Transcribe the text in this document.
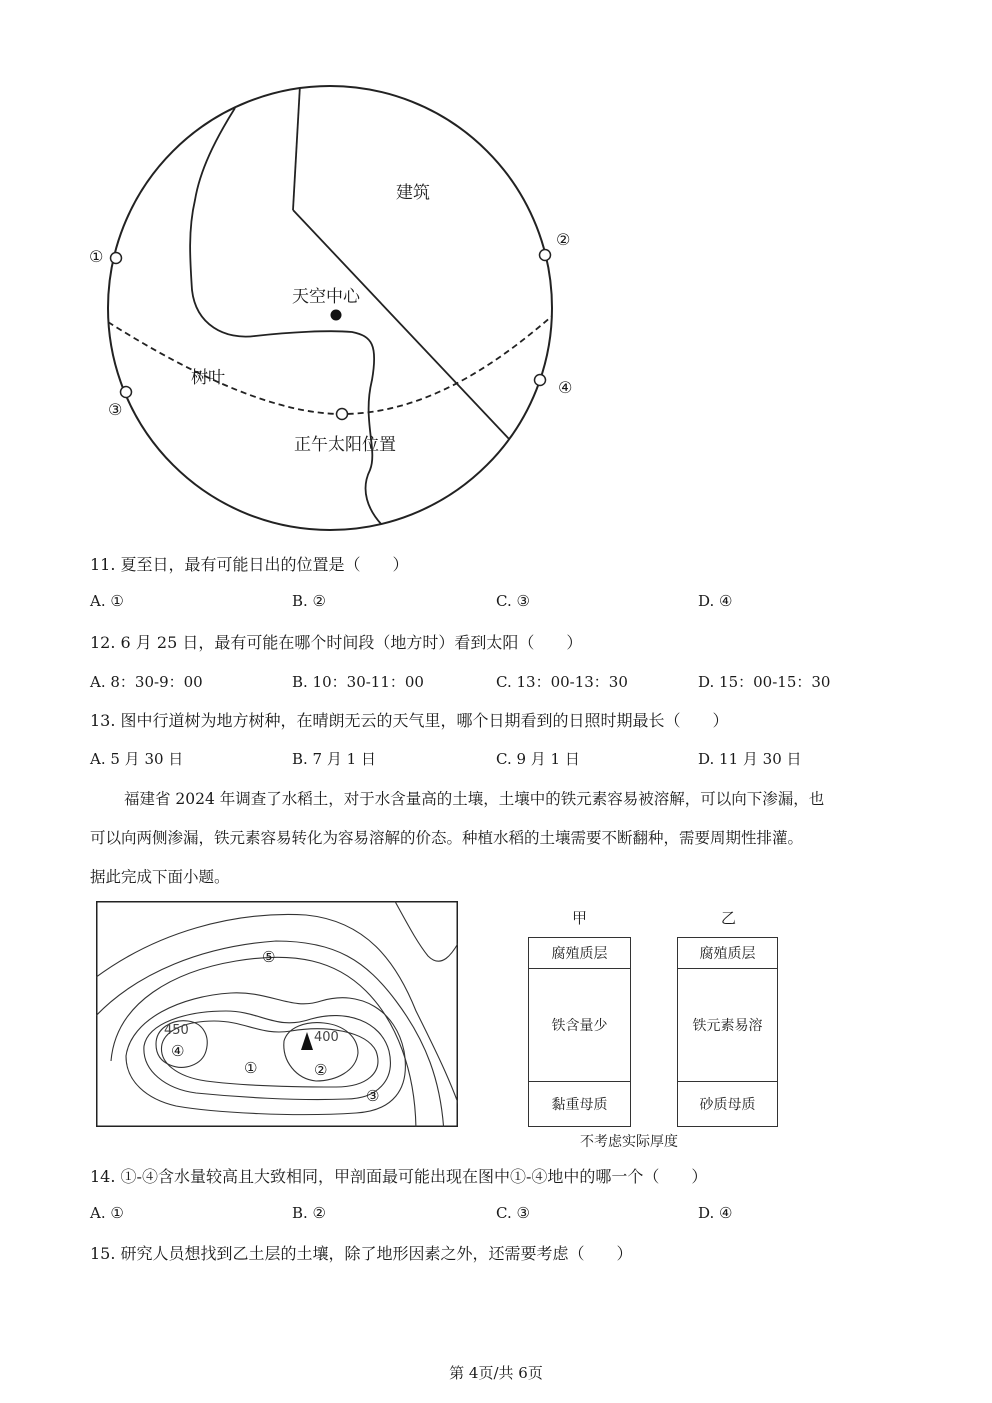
建筑
天空中心
树叶
正午太阳位置
①
②
③
④
11. 夏至日，最有可能日出的位置是（　　）
A. ①	B. ②	C. ③	D. ④
12. 6 月 25 日，最有可能在哪个时间段（地方时）看到太阳（　　）
A. 8：30-9：00	B. 10：30-11：00	C. 13：00-13：30	D. 15：00-15：30
13. 图中行道树为地方树种，在晴朗无云的天气里，哪个日期看到的日照时期最长（　　）
A. 5 月 30 日	B. 7 月 1 日	C. 9 月 1 日	D. 11 月 30 日
福建省 2024 年调查了水稻土，对于水含量高的土壤，土壤中的铁元素容易被溶解，可以向下渗漏，也
可以向两侧渗漏，铁元素容易转化为容易溶解的价态。种植水稻的土壤需要不断翻种，需要周期性排灌。
据此完成下面小题。
⑤
④
①	②
③
450	400
甲
腐殖质层
铁含量少
黏重母质
乙
腐殖质层
铁元素易溶
砂质母质
不考虑实际厚度
14. ①-④含水量较高且大致相同，甲剖面最可能出现在图中①-④地中的哪一个（　　）
A. ①	B. ②	C. ③	D. ④
15. 研究人员想找到乙土层的土壤，除了地形因素之外，还需要考虑（　　）
第 4页/共 6页
